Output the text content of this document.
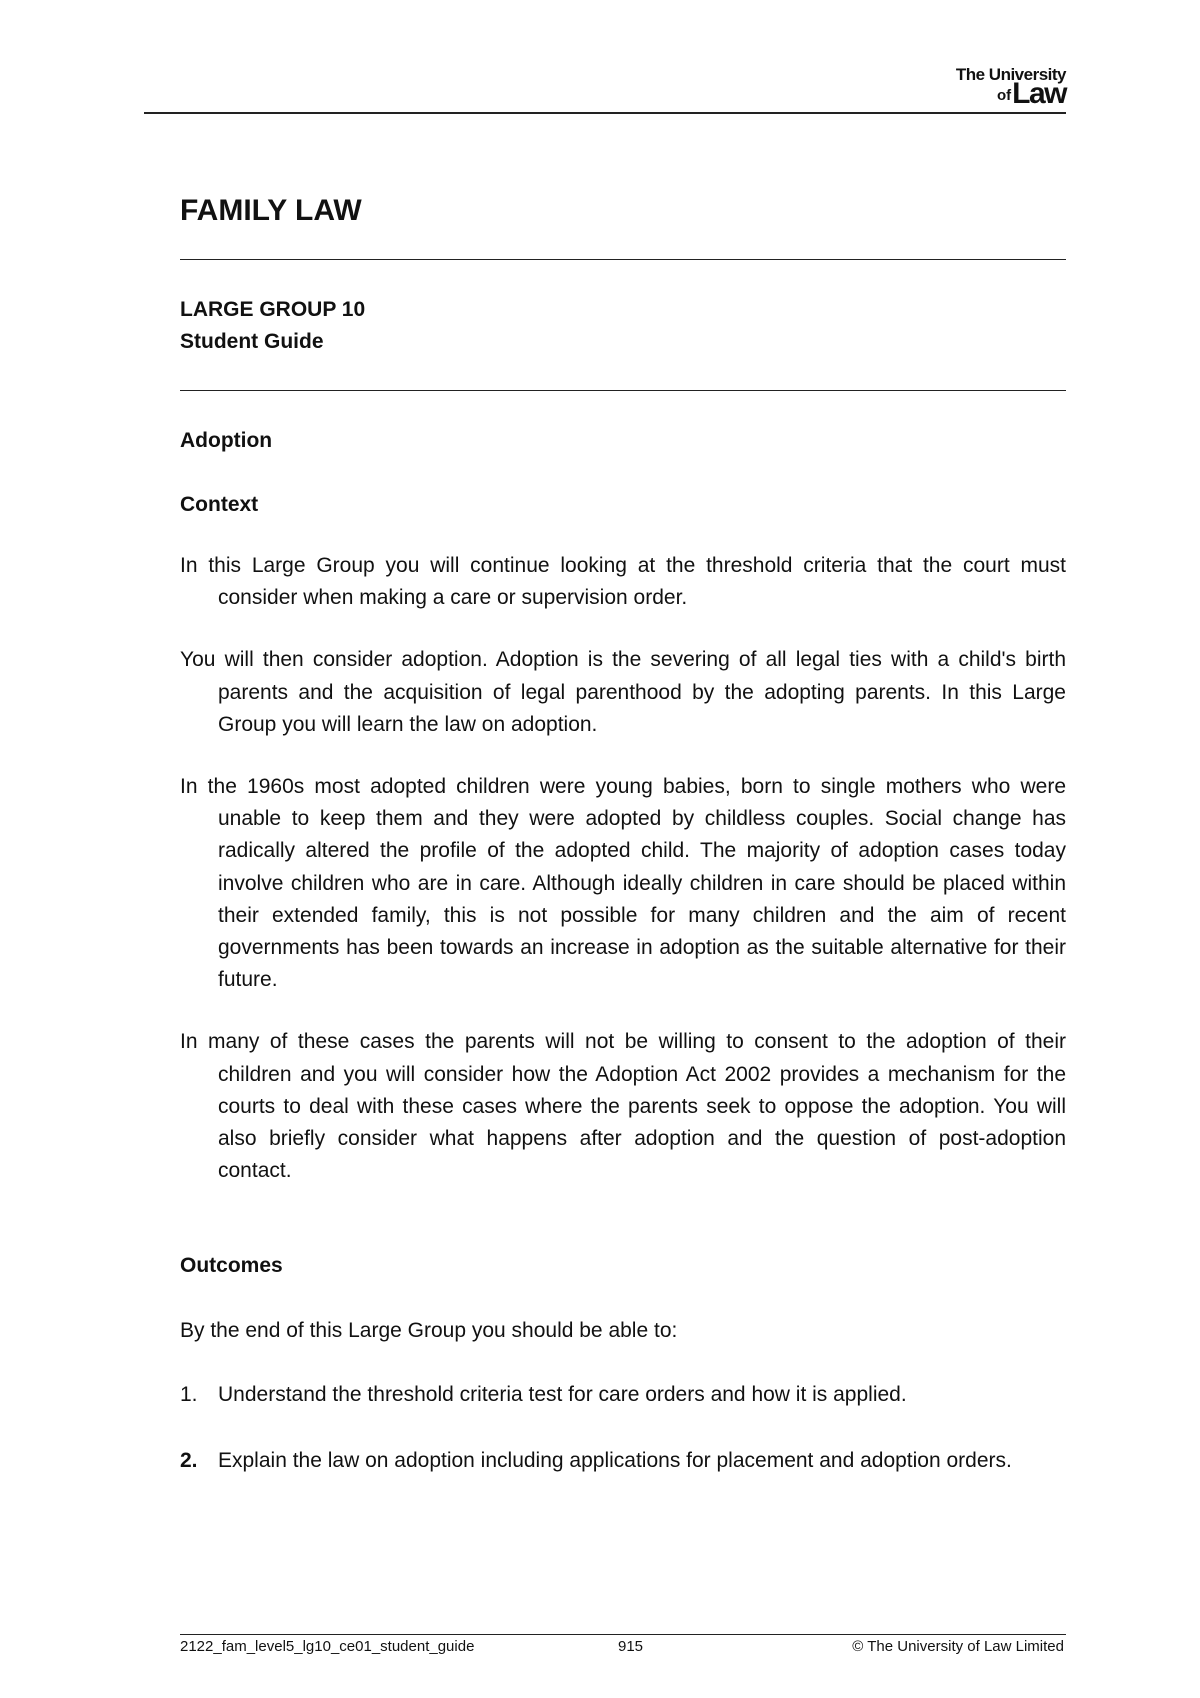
The University
ofLaw
FAMILY LAW
LARGE GROUP 10
Student Guide
Adoption
Context

In this Large Group you will continue looking at the threshold criteria that the court must consider when making a care or supervision order.

You will then consider adoption. Adoption is the severing of all legal ties with a child's birth parents and the acquisition of legal parenthood by the adopting parents. In this Large Group you will learn the law on adoption.

In the 1960s most adopted children were young babies, born to single mothers who were unable to keep them and they were adopted by childless couples. Social change has radically altered the profile of the adopted child. The majority of adoption cases today involve children who are in care. Although ideally children in care should be placed within their extended family, this is not possible for many children and the aim of recent governments has been towards an increase in adoption as the suitable alternative for their future.

In many of these cases the parents will not be willing to consent to the adoption of their children and you will consider how the Adoption Act 2002 provides a mechanism for the courts to deal with these cases where the parents seek to oppose the adoption. You will also briefly consider what happens after adoption and the question of post-adoption contact.

Outcomes

By the end of this Large Group you should be able to:

1. Understand the threshold criteria test for care orders and how it is applied.
2. Explain the law on adoption including applications for placement and adoption orders.
2122_fam_level5_lg10_ce01_student_guide	915	© The University of Law Limited
